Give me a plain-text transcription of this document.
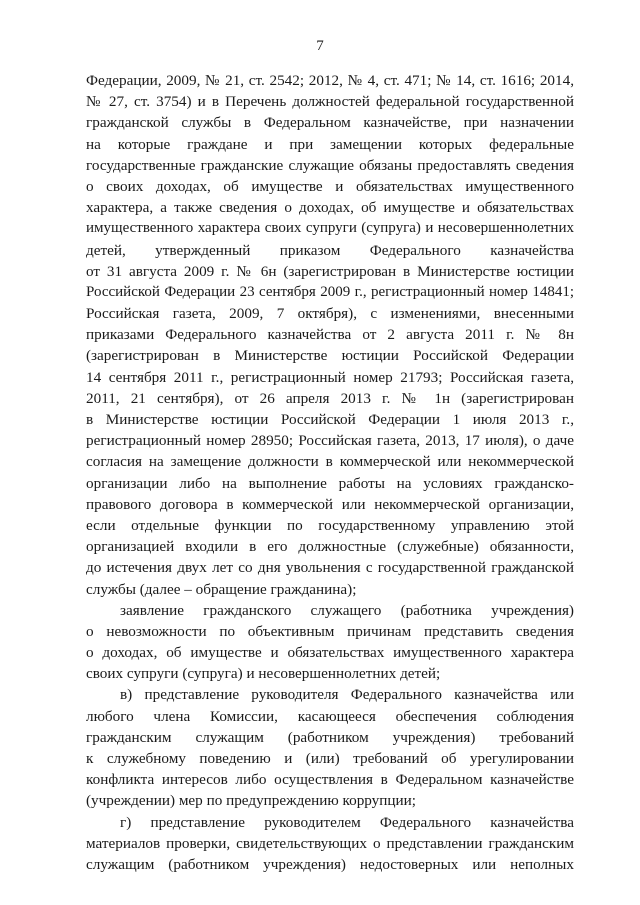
7
Федерации, 2009, № 21, ст. 2542; 2012, № 4, ст. 471; № 14, ст. 1616; 2014,
№ 27, ст. 3754) и в Перечень должностей федеральной государственной
гражданской службы в Федеральном казначействе, при назначении
на которые граждане и при замещении которых федеральные
государственные гражданские служащие обязаны предоставлять сведения
о своих доходах, об имуществе и обязательствах имущественного
характера, а также сведения о доходах, об имуществе и обязательствах
имущественного характера своих супруги (супруга) и несовершеннолетних
детей, утвержденный приказом Федерального казначейства
от 31 августа 2009 г. № 6н (зарегистрирован в Министерстве юстиции
Российской Федерации 23 сентября 2009 г., регистрационный номер 14841;
Российская газета, 2009, 7 октября), с изменениями, внесенными
приказами Федерального казначейства от 2 августа 2011 г. № 8н
(зарегистрирован в Министерстве юстиции Российской Федерации
14 сентября 2011 г., регистрационный номер 21793; Российская газета,
2011, 21 сентября), от 26 апреля 2013 г. № 1н (зарегистрирован
в Министерстве юстиции Российской Федерации 1 июля 2013 г.,
регистрационный номер 28950; Российская газета, 2013, 17 июля), о даче
согласия на замещение должности в коммерческой или некоммерческой
организации либо на выполнение работы на условиях гражданско-
правового договора в коммерческой или некоммерческой организации,
если отдельные функции по государственному управлению этой
организацией входили в его должностные (служебные) обязанности,
до истечения двух лет со дня увольнения с государственной гражданской
службы (далее – обращение гражданина);
заявление гражданского служащего (работника учреждения)
о невозможности по объективным причинам представить сведения
о доходах, об имуществе и обязательствах имущественного характера
своих супруги (супруга) и несовершеннолетних детей;
в) представление руководителя Федерального казначейства или
любого члена Комиссии, касающееся обеспечения соблюдения
гражданским служащим (работником учреждения) требований
к служебному поведению и (или) требований об урегулировании
конфликта интересов либо осуществления в Федеральном казначействе
(учреждении) мер по предупреждению коррупции;
г) представление руководителем Федерального казначейства
материалов проверки, свидетельствующих о представлении гражданским
служащим (работником учреждения) недостоверных или неполных
